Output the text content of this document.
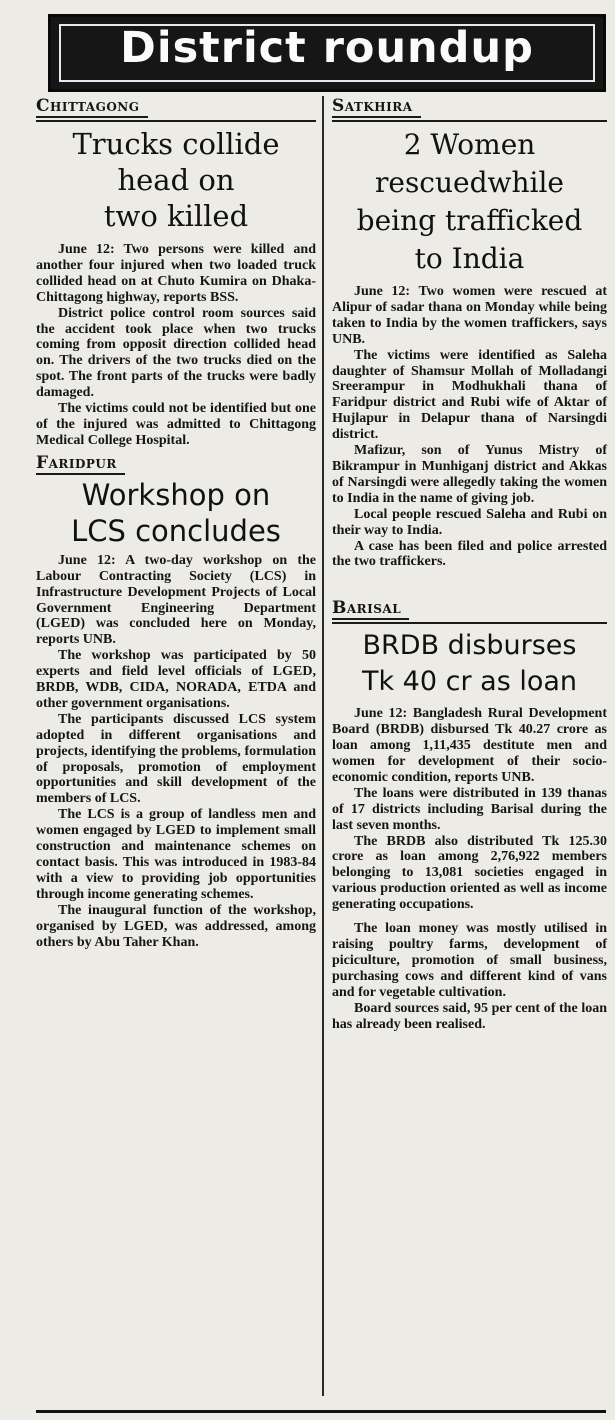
District roundup
Chittagong
Trucks collide
head on
two killed

June 12: Two persons were killed and another four injured when two loaded truck collided head on at Chuto Kumira on Dhaka-Chittagong highway, reports BSS.

District police control room sources said the accident took place when two trucks coming from opposit direction collided head on. The drivers of the two trucks died on the spot. The front parts of the trucks were badly damaged.

The victims could not be identified but one of the injured was admitted to Chittagong Medical College Hospital.

Faridpur
Workshop on
LCS concludes

June 12: A two-day workshop on the Labour Contracting Society (LCS) in Infrastructure Development Projects of Local Government Engineering Department (LGED) was concluded here on Monday, reports UNB.

The workshop was participated by 50 experts and field level officials of LGED, BRDB, WDB, CIDA, NORADA, ETDA and other government organisations.

The participants discussed LCS system adopted in different organisations and projects, identifying the problems, formulation of proposals, promotion of employment opportunities and skill development of the members of LCS.

The LCS is a group of landless men and women engaged by LGED to implement small construction and maintenance schemes on contact basis. This was introduced in 1983-84 with a view to providing job opportunities through income generating schemes.

The inaugural function of the workshop, organised by LGED, was addressed, among others by Abu Taher Khan.

Satkhira
2 Women
rescuedwhile
being trafficked
to India

June 12: Two women were rescued at Alipur of sadar thana on Monday while being taken to India by the women traffickers, says UNB.

The victims were identified as Saleha daughter of Shamsur Mollah of Molladangi Sreerampur in Modhukhali thana of Faridpur district and Rubi wife of Aktar of Hujlapur in Delapur thana of Narsingdi district.

Mafizur, son of Yunus Mistry of Bikrampur in Munhiganj district and Akkas of Narsingdi were allegedly taking the women to India in the name of giving job.

Local people rescued Saleha and Rubi on their way to India.

A case has been filed and police arrested the two traffickers.

Barisal
BRDB disburses
Tk 40 cr as loan

June 12: Bangladesh Rural Development Board (BRDB) disbursed Tk 40.27 crore as loan among 1,11,435 destitute men and women for development of their socio-economic condition, reports UNB.

The loans were distributed in 139 thanas of 17 districts including Barisal during the last seven months.

The BRDB also distributed Tk 125.30 crore as loan among 2,76,922 members belonging to 13,081 societies engaged in various production oriented as well as income generating occupations.

The loan money was mostly utilised in raising poultry farms, development of piciculture, promotion of small business, purchasing cows and different kind of vans and for vegetable cultivation.

Board sources said, 95 per cent of the loan has already been realised.
